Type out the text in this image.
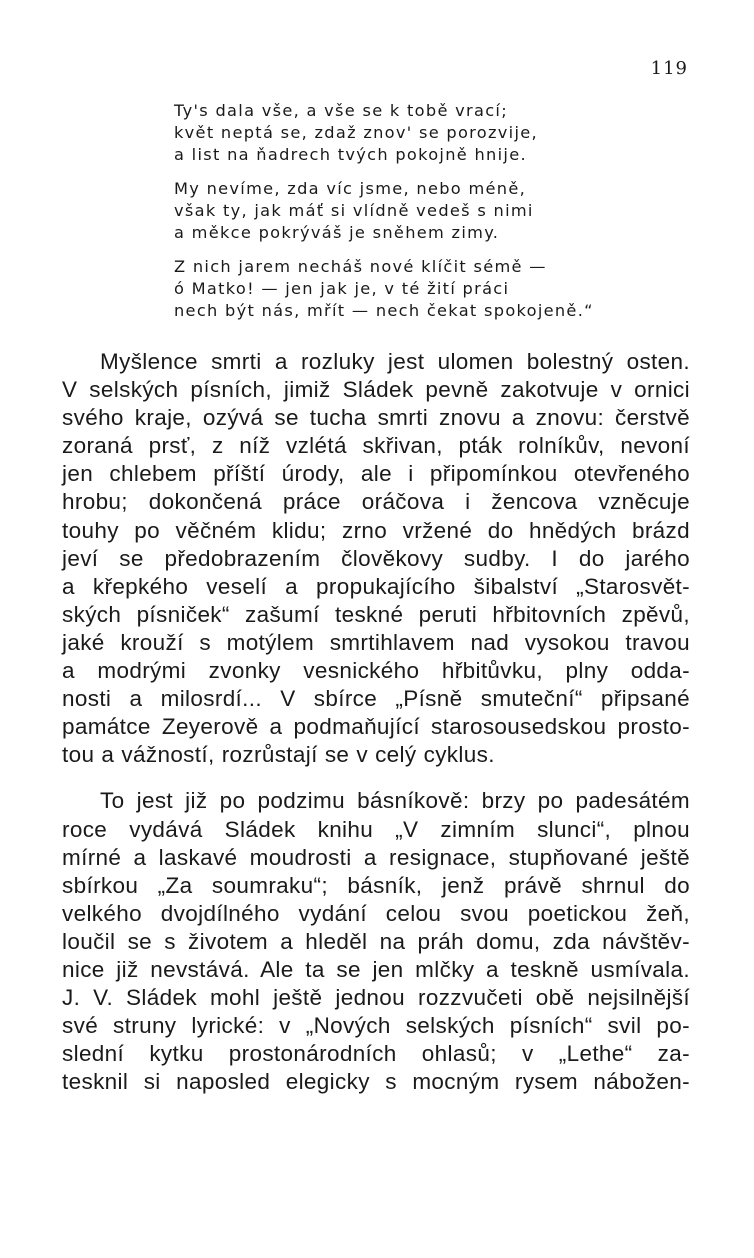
119
Ty's dala vše, a vše se k tobě vrací;
květ neptá se, zdaž znov' se porozvije,
a list na ňadrech tvých pokojně hnije.
My nevíme, zda víc jsme, nebo méně,
však ty, jak máť si vlídně vedeš s nimi
a měkce pokrýváš je sněhem zimy.
Z nich jarem necháš nové klíčit sémě —
ó Matko! — jen jak je, v té žití práci
nech být nás, mřít — nech čekat spokojeně.“
Myšlence smrti a rozluky jest ulomen bolestný osten.
V selských písních, jimiž Sládek pevně zakotvuje v ornici
svého kraje, ozývá se tucha smrti znovu a znovu: čerstvě
zoraná prsť, z níž vzlétá skřivan, pták rolníkův, nevoní
jen chlebem příští úrody, ale i připomínkou otevřeného
hrobu; dokončená práce oráčova i žencova vzněcuje
touhy po věčném klidu; zrno vržené do hnědých brázd
jeví se předobrazením člověkovy sudby. I do jarého
a křepkého veselí a propukajícího šibalství „Starosvět-
ských písniček“ zašumí teskné peruti hřbitovních zpěvů,
jaké krouží s motýlem smrtihlavem nad vysokou travou
a modrými zvonky vesnického hřbitůvku, plny odda-
nosti a milosrdí... V sbírce „Písně smuteční“ připsané
památce Zeyerově a podmaňující starosousedskou prosto-
tou a vážností, rozrůstají se v celý cyklus.
To jest již po podzimu básníkově: brzy po padesátém
roce vydává Sládek knihu „V zimním slunci“, plnou
mírné a laskavé moudrosti a resignace, stupňované ještě
sbírkou „Za soumraku“; básník, jenž právě shrnul do
velkého dvojdílného vydání celou svou poetickou žeň,
loučil se s životem a hleděl na práh domu, zda návštěv-
nice již nevstává. Ale ta se jen mlčky a teskně usmívala.
J. V. Sládek mohl ještě jednou rozzvučeti obě nejsilnější
své struny lyrické: v „Nových selských písních“ svil po-
slední kytku prostonárodních ohlasů; v „Lethe“ za-
tesknil si naposled elegicky s mocným rysem nábožen-
